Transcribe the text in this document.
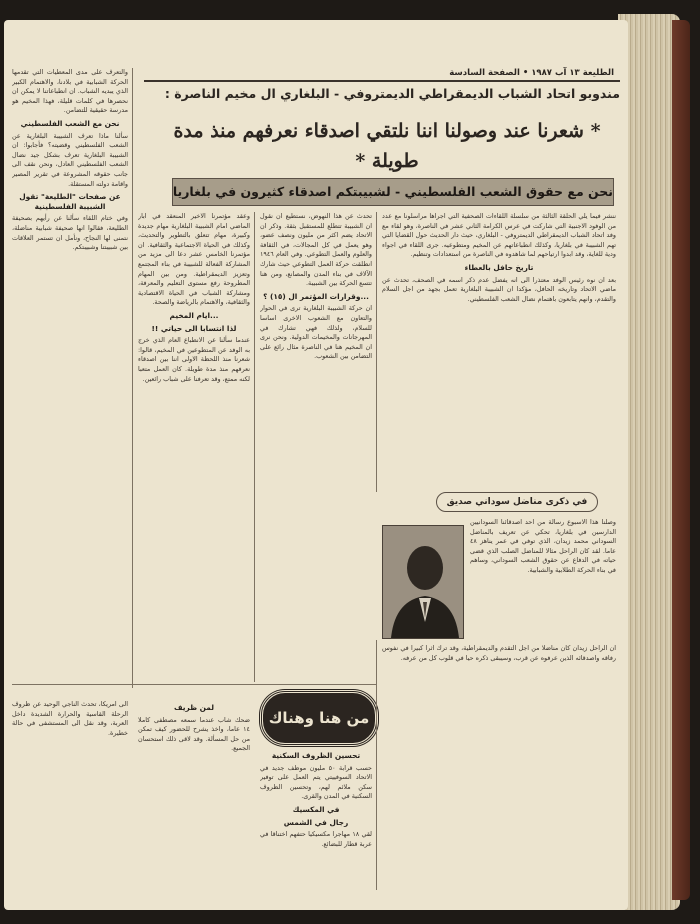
الطليعة ١٣ آب ١٩٨٧ • الصفحة السادسة
مندوبو اتحاد الشباب الديمقراطي الديمتروفي - البلغاري ال مخيم الناصرة :
* شعرنا عند وصولنا اننا نلتقي اصدقاء نعرفهم منذ مدة طويلة *
نحن مع حقوق الشعب الفلسطيني - لشبيبتكم اصدقاء كثيرون في بلغاريا
والتعرف على مدى المعطيات التي تقدمها الحركة الشبابية في بلادنا، والاهتمام الكبير الذي يبديه الشباب. ان انطباعاتنا لا يمكن ان نحصرها في كلمات قليلة، فهذا المخيم هو مدرسة حقيقية للتضامن.
نحن مع الشعب الفلسطيني
سألنا ماذا تعرف الشبيبة البلغارية عن الشعب الفلسطيني وقضيته؟ فأجابوا: ان الشبيبة البلغارية تعرف بشكل جيد نضال الشعب الفلسطيني العادل، ونحن نقف الى جانب حقوقه المشروعة في تقرير المصير واقامة دولته المستقلة.
عن صفحات "الطليعة" تقول الشبيبة الفلسطينية
وفي ختام اللقاء سألنا عن رأيهم بصحيفة الطليعة، فقالوا انها صحيفة شبابية مناضلة، نتمنى لها النجاح، ونأمل ان تستمر العلاقات بين شبيبتنا وشبيبتكم.
وعقد مؤتمرنا الاخير المنعقد في ابار الماضي امام الشبيبة البلغارية مهام جديدة وكبيرة، مهام تتعلق بالتطوير والتحديث، وكذلك في الحياة الاجتماعية والثقافية. ان مؤتمرنا الخامس عشر دعا الى مزيد من المشاركة الفعالة للشبيبة في بناء المجتمع وتعزيز الديمقراطية. ومن بين المهام المطروحة رفع مستوى التعليم والمعرفة، ومشاركة الشباب في الحياة الاقتصادية والثقافية، والاهتمام بالرياضة والصحة.
...ايام المخيم
لذا انتسابا الى حياتي !!
عندما سألنا عن الانطباع العام الذي خرج به الوفد عن المتطوعين في المخيم، قالوا: شعرنا منذ اللحظة الاولى اننا بين اصدقاء نعرفهم منذ مدة طويلة. كان العمل متعبا لكنه ممتع، وقد تعرفنا على شباب رائعين.
تحدث عن هذا النهوض، نستطيع ان نقول ان الشبيبة تتطلع للمستقبل بثقة. وذكر ان الاتحاد يضم اكثر من مليون ونصف عضو، وهو يعمل في كل المجالات، في الثقافة والعلوم والعمل التطوعي. وفي العام ١٩٤٦ انطلقت حركة العمل التطوعي حيث شارك الآلاف في بناء المدن والمصانع، ومن هنا تتسع الحركة بين الشبيبة.
...وقرارات المؤتمر ال (١٥) ؟
ان حركة الشبيبة البلغارية ترى في الحوار والتعاون مع الشعوب الاخرى اساسا للسلام، ولذلك فهي تشارك في المهرجانات والمخيمات الدولية. ونحن نرى ان المخيم هنا في الناصرة مثال رائع على التضامن بين الشعوب.
ننشر فيما يلي الحلقة الثالثة من سلسلة اللقاءات الصحفية التي اجراها مراسلونا مع عدد من الوفود الاجنبية التي شاركت في عرس الكرامة الثاني عشر في الناصرة، وهو لقاء مع وفد اتحاد الشباب الديمقراطي الديمتروفي - البلغاري، حيث دار الحديث حول القضايا التي تهم الشبيبة في بلغاريا، وكذلك انطباعاتهم عن المخيم ومتطوعيه. جرى اللقاء في اجواء ودية للغاية، وقد ابدوا ارتياحهم لما شاهدوه في الناصرة من استعدادات وتنظيم.
تاريخ حافل بالعطاء
بعد ان نوه رئيس الوفد معتذرا الى انه يفضل عدم ذكر اسمه في الصحف، تحدث عن ماضي الاتحاد وتاريخه الحافل، مؤكدا ان الشبيبة البلغارية تعمل بجهد من اجل السلام والتقدم، وانهم يتابعون باهتمام نضال الشعب الفلسطيني.
في ذكرى مناضل سوداني صديق
وصلنا هذا الاسبوع رسالة من احد اصدقائنا السودانيين الدارسين في بلغاريا، تحكي عن تعريف بالمناضل السوداني محمد زيدان، الذي توفي في عمر يناهز ٤٨ عاما. لقد كان الراحل مثالا للمناضل الصلب الذي قضى حياته في الدفاع عن حقوق الشعب السوداني، وساهم في بناء الحركة الطلابية والشبابية.
ان الراحل زيدان كان مناضلا من اجل التقدم والديمقراطية، وقد ترك اثرا كبيرا في نفوس رفاقه واصدقائه الذين عرفوه عن قرب، وسيبقى ذكره حيا في قلوب كل من عرفه.
من هنا وهناك
لمن ظريف
ضحك شاب عندما سمعه مصطفى كاملا ١٤ عاما، واخذ يشرح للحضور كيف تمكن من حل المسألة. وقد لاقى ذلك استحسان الجميع.
تحسين الظروف السكنية
حسب قرابة ٥٠ مليون موظف جديد في الاتحاد السوفييتي يتم العمل على توفير سكن ملائم لهم، وتحسين الظروف السكنية في المدن والقرى.
في المكسيك
رجال في الشمس
لقي ١٨ مهاجرا مكسيكيا حتفهم اختناقا في عربة قطار للبضائع.
الى امريكا، تحدث الناجي الوحيد عن ظروف الرحلة القاسية والحرارة الشديدة داخل العربة، وقد نقل الى المستشفى في حالة خطيرة.
